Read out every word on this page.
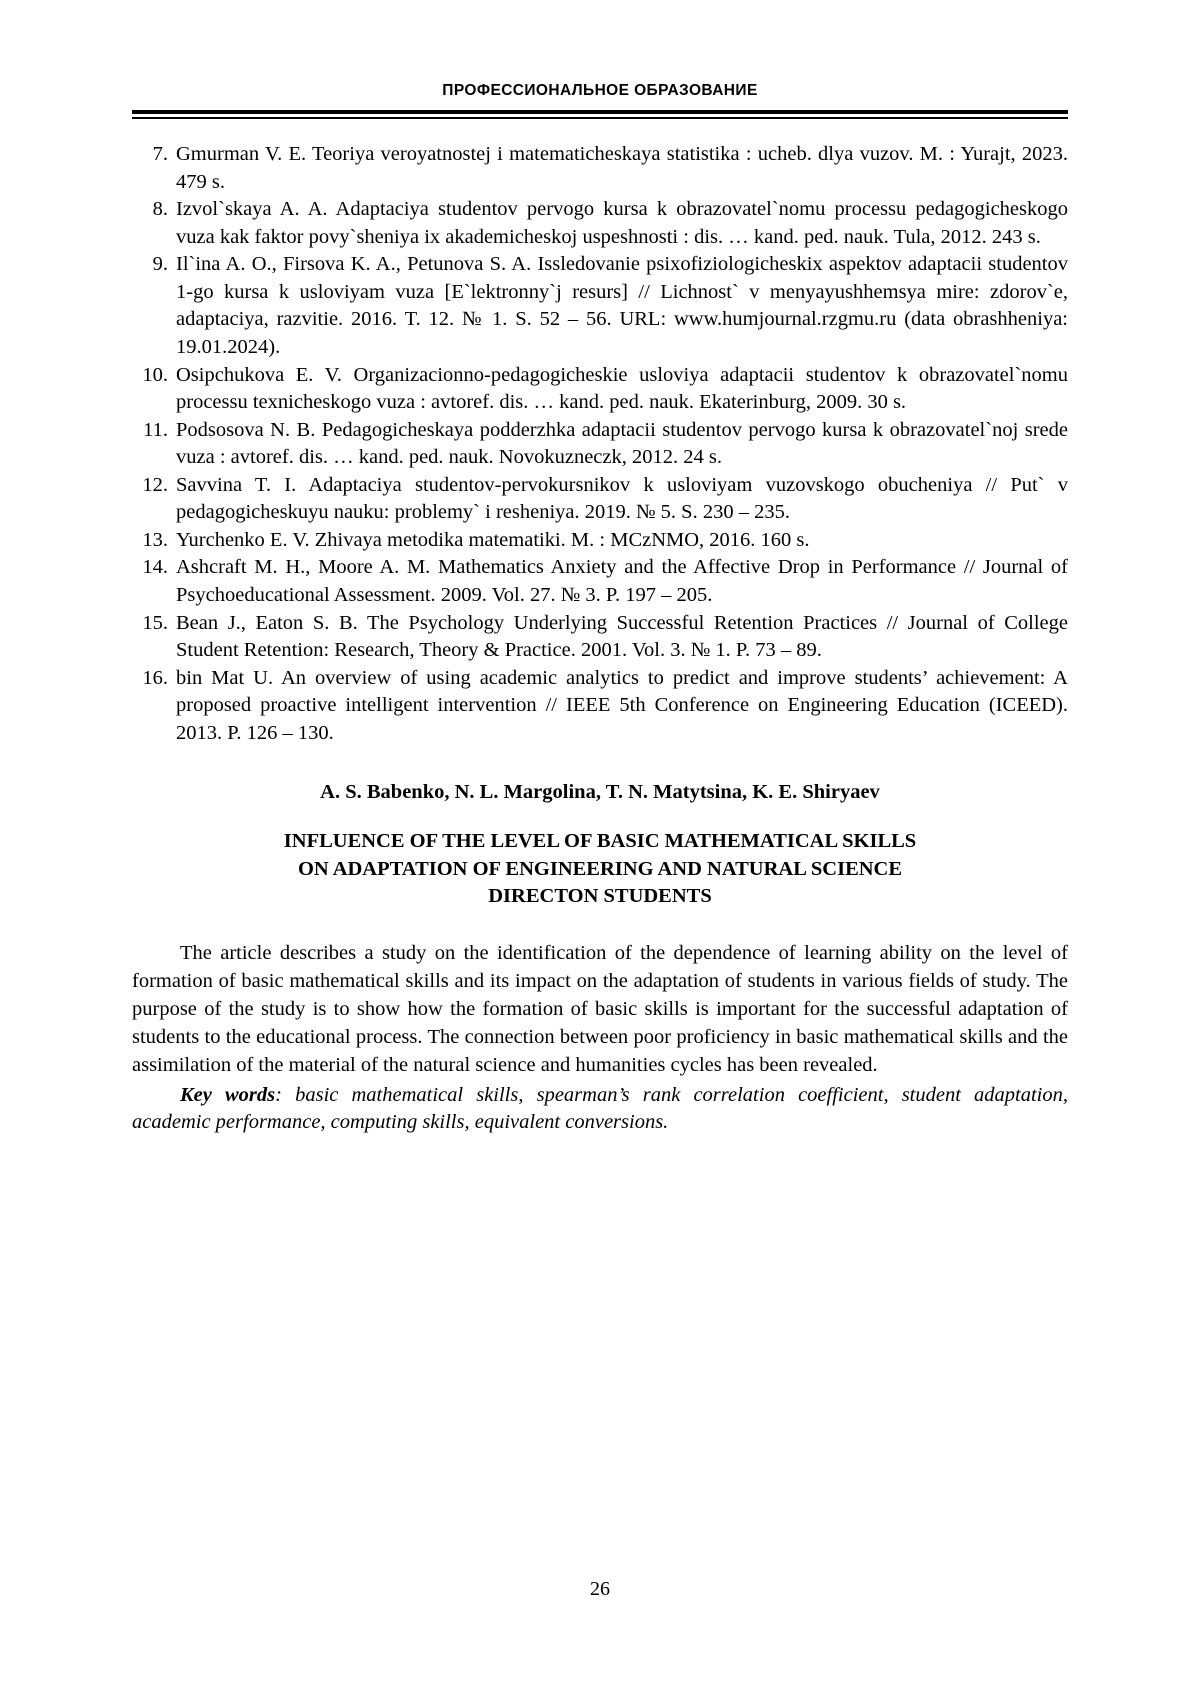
ПРОФЕССИОНАЛЬНОЕ ОБРАЗОВАНИЕ
7. Gmurman V. E. Teoriya veroyatnostej i matematicheskaya statistika : ucheb. dlya vuzov. M. : Yurajt, 2023. 479 s.
8. Izvol`skaya A. A. Adaptaciya studentov pervogo kursa k obrazovatel`nomu processu pedagogicheskogo vuza kak faktor povy`sheniya ix akademicheskoj uspeshnosti : dis. … kand. ped. nauk. Tula, 2012. 243 s.
9. Il`ina A. O., Firsova K. A., Petunova S. A. Issledovanie psixofiziologicheskix aspektov adaptacii studentov 1-go kursa k usloviyam vuza [E`lektronny`j resurs] // Lichnost` v menyayushhemsya mire: zdorov`e, adaptaciya, razvitie. 2016. T. 12. № 1. S. 52 – 56. URL: www.humjournal.rzgmu.ru (data obrashheniya: 19.01.2024).
10. Osipchukova E. V. Organizacionno-pedagogicheskie usloviya adaptacii studentov k obrazovatel`nomu processu texnicheskogo vuza : avtoref. dis. … kand. ped. nauk. Ekaterinburg, 2009. 30 s.
11. Podsosova N. B. Pedagogicheskaya podderzhka adaptacii studentov pervogo kursa k obrazovatel`noj srede vuza : avtoref. dis. … kand. ped. nauk. Novokuzneczk, 2012. 24 s.
12. Savvina T. I. Adaptaciya studentov-pervokursnikov k usloviyam vuzovskogo obucheniya // Put` v pedagogicheskuyu nauku: problemy` i resheniya. 2019. № 5. S. 230 – 235.
13. Yurchenko E. V. Zhivaya metodika matematiki. M. : MCzNMO, 2016. 160 s.
14. Ashcraft M. H., Moore A. M. Mathematics Anxiety and the Affective Drop in Performance // Journal of Psychoeducational Assessment. 2009. Vol. 27. № 3. P. 197 – 205.
15. Bean J., Eaton S. B. The Psychology Underlying Successful Retention Practices // Journal of College Student Retention: Research, Theory & Practice. 2001. Vol. 3. № 1. P. 73 – 89.
16. bin Mat U. An overview of using academic analytics to predict and improve students’ achievement: A proposed proactive intelligent intervention // IEEE 5th Conference on Engineering Education (ICEED). 2013. P. 126 – 130.
A. S. Babenko, N. L. Margolina, T. N. Matytsina, K. E. Shiryaev
INFLUENCE OF THE LEVEL OF BASIC MATHEMATICAL SKILLS
ON ADAPTATION OF ENGINEERING AND NATURAL SCIENCE
DIRECTON STUDENTS
The article describes a study on the identification of the dependence of learning ability on the level of formation of basic mathematical skills and its impact on the adaptation of students in various fields of study. The purpose of the study is to show how the formation of basic skills is important for the successful adaptation of students to the educational process. The connection between poor proficiency in basic mathematical skills and the assimilation of the material of the natural science and humanities cycles has been revealed.
Key words: basic mathematical skills, spearman’s rank correlation coefficient, student adaptation, academic performance, computing skills, equivalent conversions.
26
